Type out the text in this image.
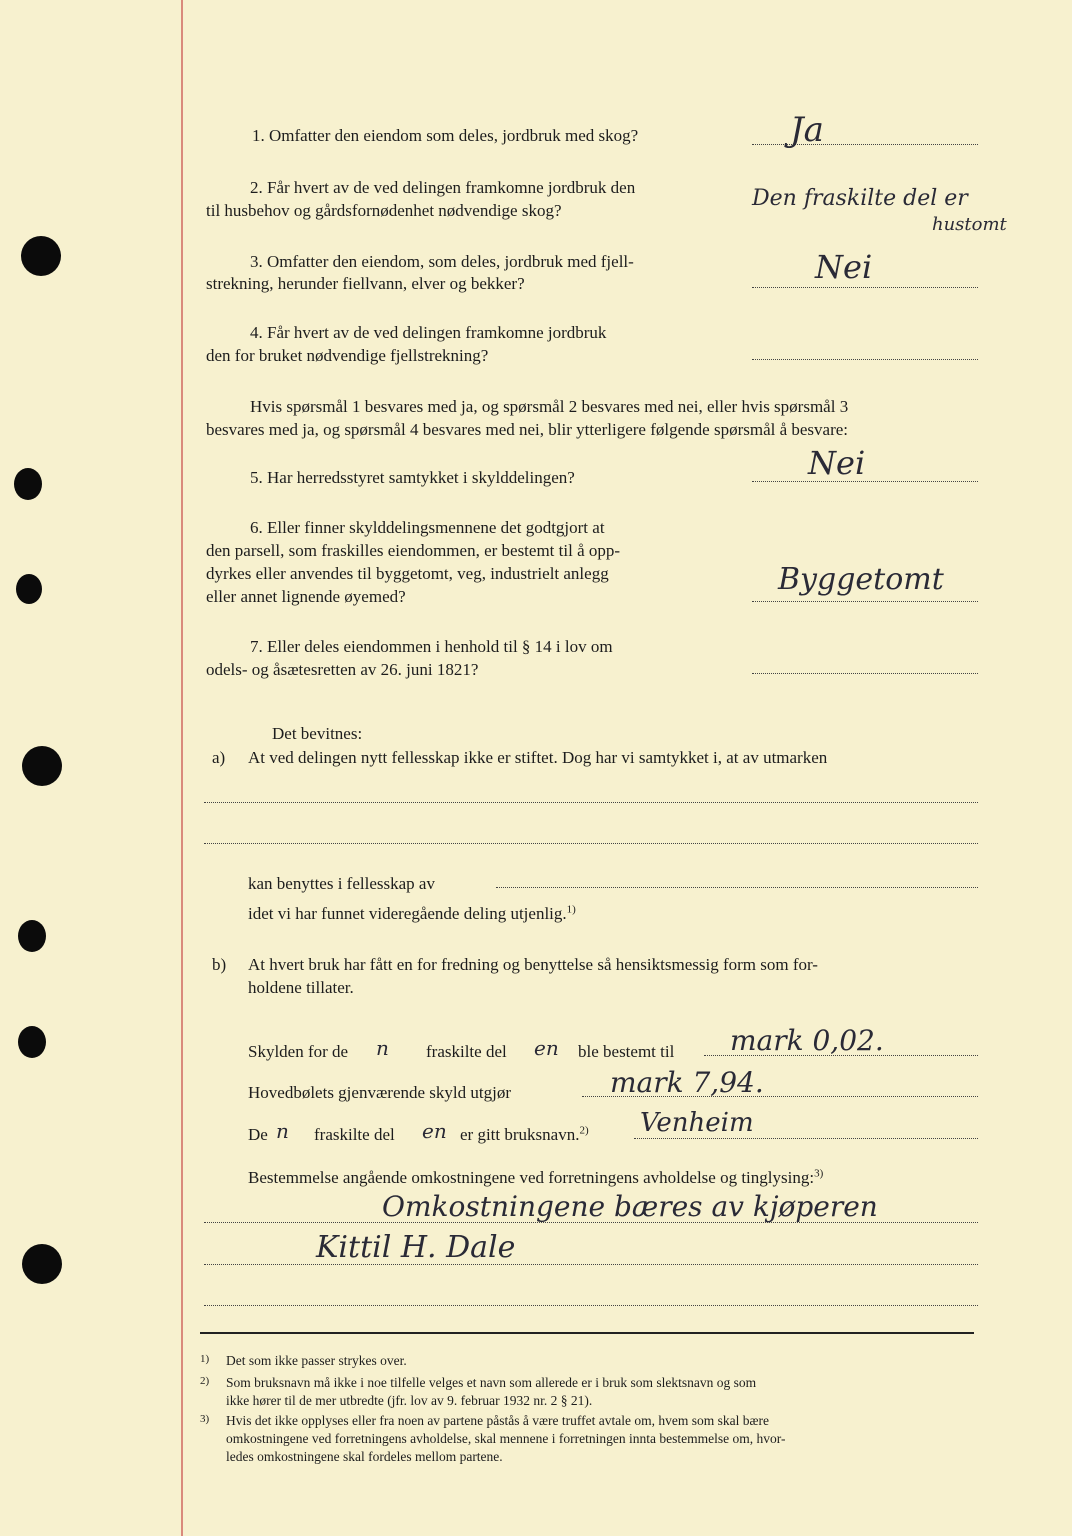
1. Omfatter den eiendom som deles, jordbruk med skog?	Ja
2. Får hvert av de ved delingen framkomne jordbruk den
til husbehov og gårdsfornødenhet nødvendige skog?	Den fraskilte del er
hustomt
3. Omfatter den eiendom, som deles, jordbruk med fjell-
strekning, herunder fiellvann, elver og bekker?	Nei
4. Får hvert av de ved delingen framkomne jordbruk
den for bruket nødvendige fjellstrekning?
Hvis spørsmål 1 besvares med ja, og spørsmål 2 besvares med nei, eller hvis spørsmål 3
besvares med ja, og spørsmål 4 besvares med nei, blir ytterligere følgende spørsmål å besvare:
5. Har herredsstyret samtykket i skylddelingen?	Nei
6. Eller finner skylddelingsmennene det godtgjort at
den parsell, som fraskilles eiendommen, er bestemt til å opp-
dyrkes eller anvendes til byggetomt, veg, industrielt anlegg
eller annet lignende øyemed?	Byggetomt
7. Eller deles eiendommen i henhold til § 14 i lov om
odels- og åsætesretten av 26. juni 1821?
Det bevitnes:
a) At ved delingen nytt fellesskap ikke er stiftet. Dog har vi samtykket i, at av utmarken
kan benyttes i fellesskap av
idet vi har funnet videregående deling utjenlig.$^{1)}$
b) At hvert bruk har fått en for fredning og benyttelse så hensiktsmessig form som for-
holdene tillater.
Skylden for de n fraskilte del en ble bestemt til mark 0,02.
Hovedbølets gjenværende skyld utgjør	mark 7,94.
De n fraskilte del en er gitt bruksnavn.$^{2)}$ Venheim
Bestemmelse angående omkostningene ved forretningens avholdelse og tinglysing:$^{3)}$
Omkostningene bæres av kjøperen
Kittil H. Dale
1) Det som ikke passer strykes over.
2) Som bruksnavn må ikke i noe tilfelle velges et navn som allerede er i bruk som slektsnavn og som
ikke hører til de mer utbredte (jfr. lov av 9. februar 1932 nr. 2 § 21).
3) Hvis det ikke opplyses eller fra noen av partene påstås å være truffet avtale om, hvem som skal bære
omkostningene ved forretningens avholdelse, skal mennene i forretningen innta bestemmelse om, hvor-
ledes omkostningene skal fordeles mellom partene.
